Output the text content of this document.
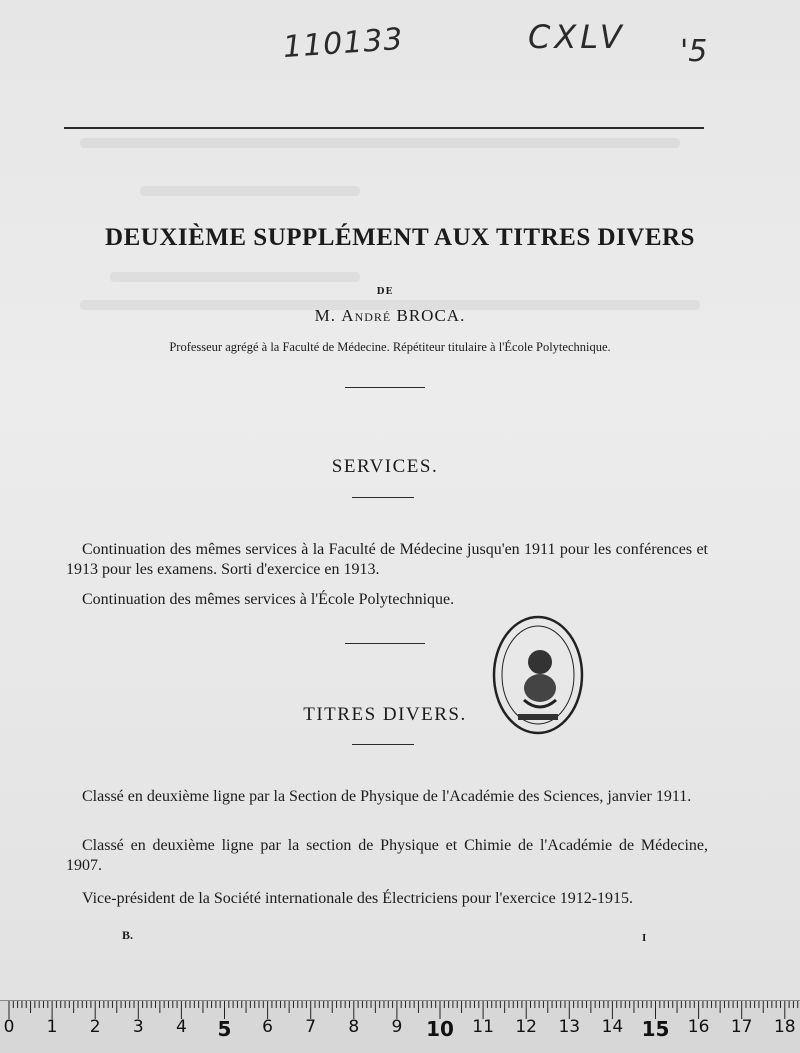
110133	CXLV '5
DEUXIÈME SUPPLÉMENT AUX TITRES DIVERS
DE
M. André BROCA.
Professeur agrégé à la Faculté de Médecine. Répétiteur titulaire à l'École Polytechnique.
SERVICES.
Continuation des mêmes services à la Faculté de Médecine jusqu'en 1911 pour les conférences et 1913 pour les examens. Sorti d'exercice en 1913.
Continuation des mêmes services à l'École Polytechnique.
TITRES DIVERS.
Classé en deuxième ligne par la Section de Physique de l'Académie des Sciences, janvier 1911.
Classé en deuxième ligne par la section de Physique et Chimie de l'Académie de Médecine, 1907.
Vice-président de la Société internationale des Électriciens pour l'exercice 1912-1915.
B.	I
0 1 2 3 4 5 6 7 8 9 10 11 12 13 14 15 16 17 18
